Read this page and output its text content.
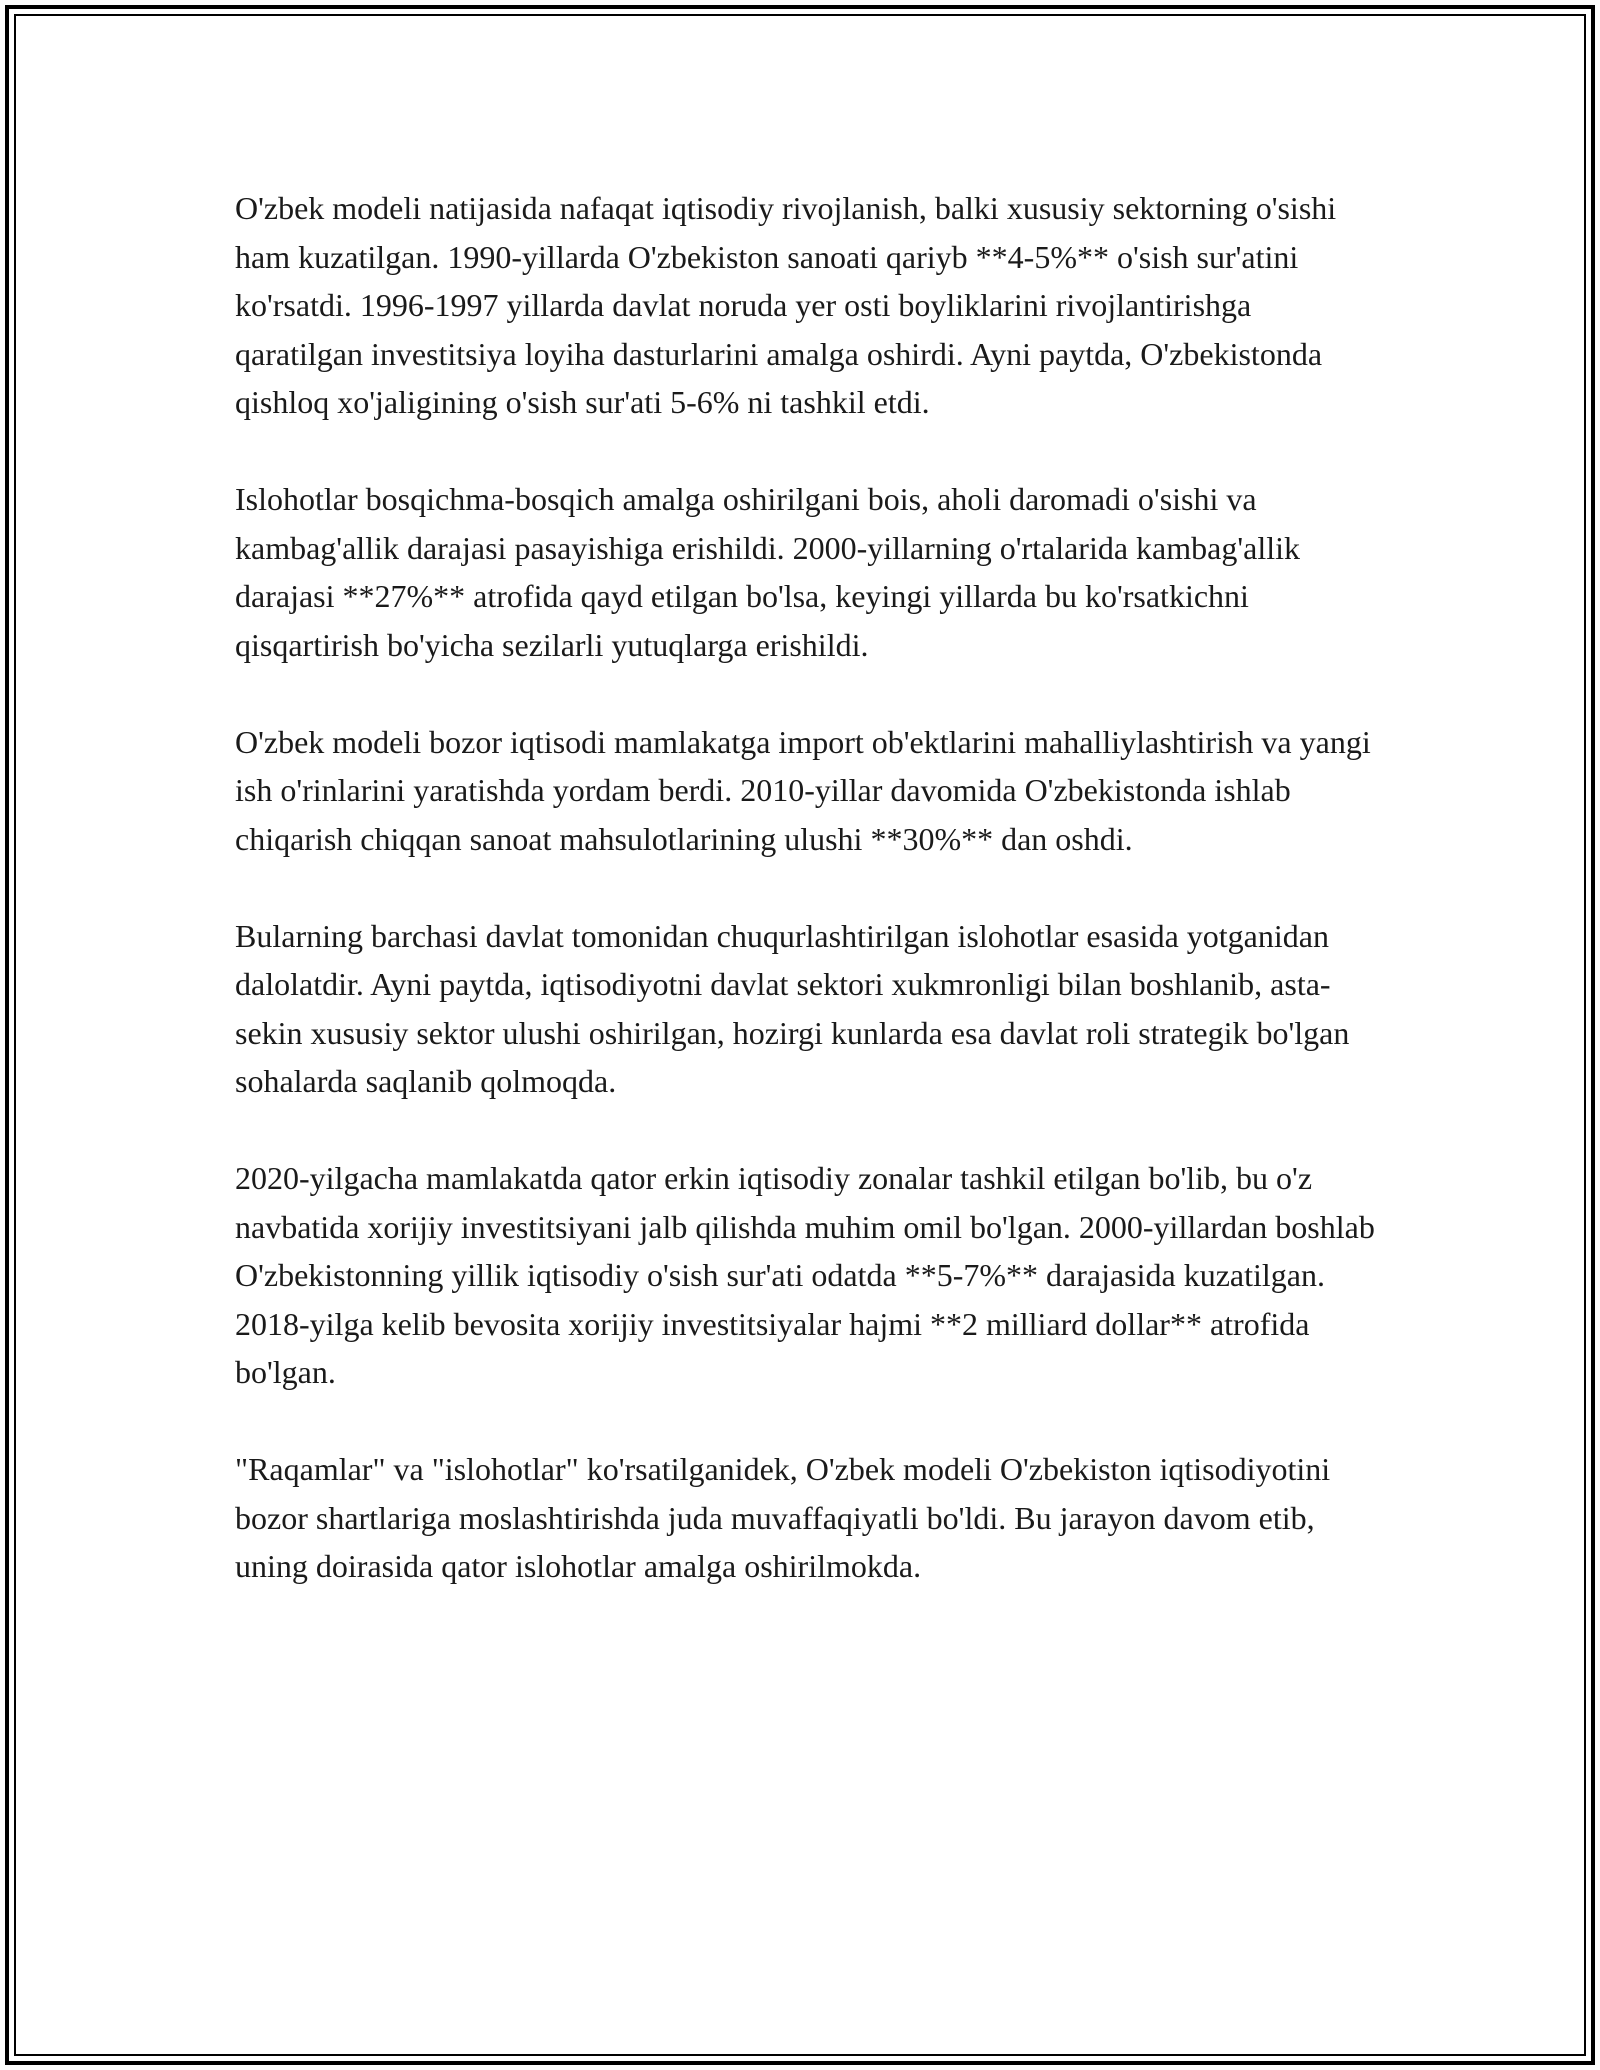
O'zbek modeli natijasida nafaqat iqtisodiy rivojlanish, balki xususiy sektorning o'sishi ham kuzatilgan. 1990-yillarda O'zbekiston sanoati qariyb **4-5%** o'sish sur'atini ko'rsatdi. 1996-1997 yillarda davlat noruda yer osti boyliklarini rivojlantirishga qaratilgan investitsiya loyiha dasturlarini amalga oshirdi. Ayni paytda, O'zbekistonda qishloq xo'jaligining o'sish sur'ati 5-6% ni tashkil etdi.

Islohotlar bosqichma-bosqich amalga oshirilgani bois, aholi daromadi o'sishi va kambag'allik darajasi pasayishiga erishildi. 2000-yillarning o'rtalarida kambag'allik darajasi **27%** atrofida qayd etilgan bo'lsa, keyingi yillarda bu ko'rsatkichni qisqartirish bo'yicha sezilarli yutuqlarga erishildi.

O'zbek modeli bozor iqtisodi mamlakatga import ob'ektlarini mahalliylashtirish va yangi ish o'rinlarini yaratishda yordam berdi. 2010-yillar davomida O'zbekistonda ishlab chiqarish chiqqan sanoat mahsulotlarining ulushi **30%** dan oshdi.

Bularning barchasi davlat tomonidan chuqurlashtirilgan islohotlar esasida yotganidan dalolatdir. Ayni paytda, iqtisodiyotni davlat sektori xukmronligi bilan boshlanib, asta-sekin xususiy sektor ulushi oshirilgan, hozirgi kunlarda esa davlat roli strategik bo'lgan sohalarda saqlanib qolmoqda.

2020-yilgacha mamlakatda qator erkin iqtisodiy zonalar tashkil etilgan bo'lib, bu o'z navbatida xorijiy investitsiyani jalb qilishda muhim omil bo'lgan. 2000-yillardan boshlab O'zbekistonning yillik iqtisodiy o'sish sur'ati odatda **5-7%** darajasida kuzatilgan. 2018-yilga kelib bevosita xorijiy investitsiyalar hajmi **2 milliard dollar** atrofida bo'lgan.

"Raqamlar" va "islohotlar" ko'rsatilganidek, O'zbek modeli O'zbekiston iqtisodiyotini bozor shartlariga moslashtirishda juda muvaffaqiyatli bo'ldi. Bu jarayon davom etib, uning doirasida qator islohotlar amalga oshirilmokda.
